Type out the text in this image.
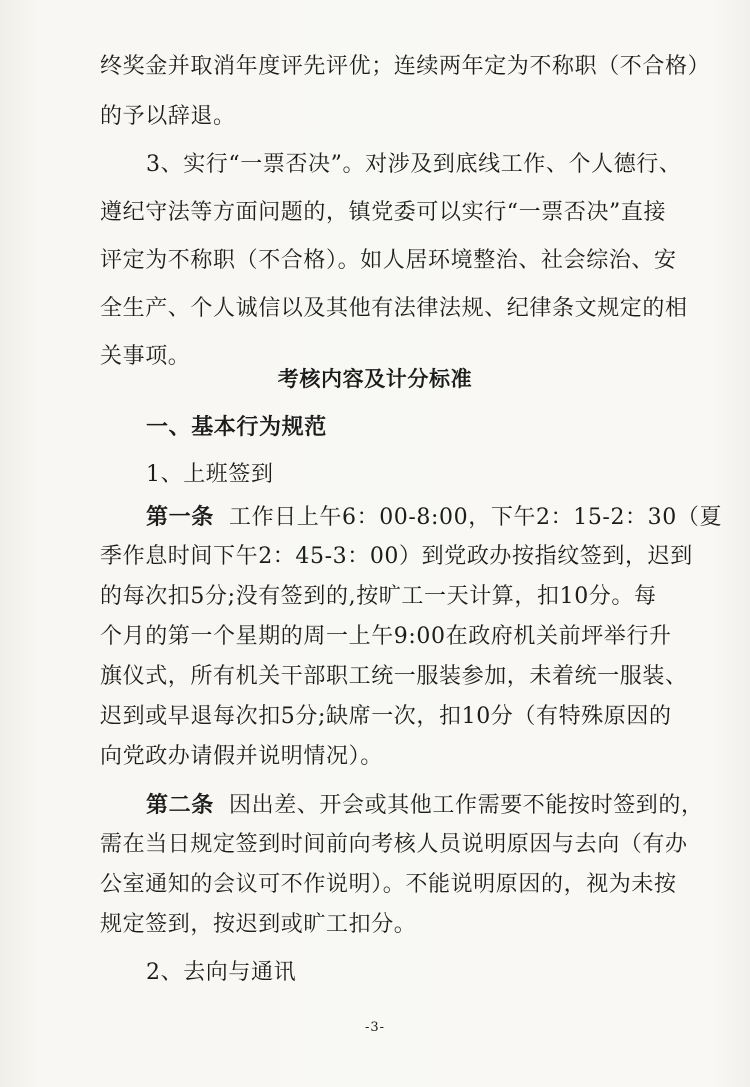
终奖金并取消年度评先评优；连续两年定为不称职（不合格）
的予以辞退。
3、实行“一票否决”。对涉及到底线工作、个人德行、
遵纪守法等方面问题的，镇党委可以实行“一票否决”直接
评定为不称职（不合格）。如人居环境整治、社会综治、安
全生产、个人诚信以及其他有法律法规、纪律条文规定的相
关事项。
考核内容及计分标准
一、基本行为规范
1、上班签到
第一条 工作日上午6：00-8:00，下午2：15-2：30（夏
季作息时间下午2：45-3：00）到党政办按指纹签到，迟到
的每次扣5分;没有签到的,按旷工一天计算，扣10分。每
个月的第一个星期的周一上午9:00在政府机关前坪举行升
旗仪式，所有机关干部职工统一服装参加，未着统一服装、
迟到或早退每次扣5分;缺席一次，扣10分（有特殊原因的
向党政办请假并说明情况）。
第二条 因出差、开会或其他工作需要不能按时签到的，
需在当日规定签到时间前向考核人员说明原因与去向（有办
公室通知的会议可不作说明）。不能说明原因的，视为未按
规定签到，按迟到或旷工扣分。
-3-
2、去向与通讯
